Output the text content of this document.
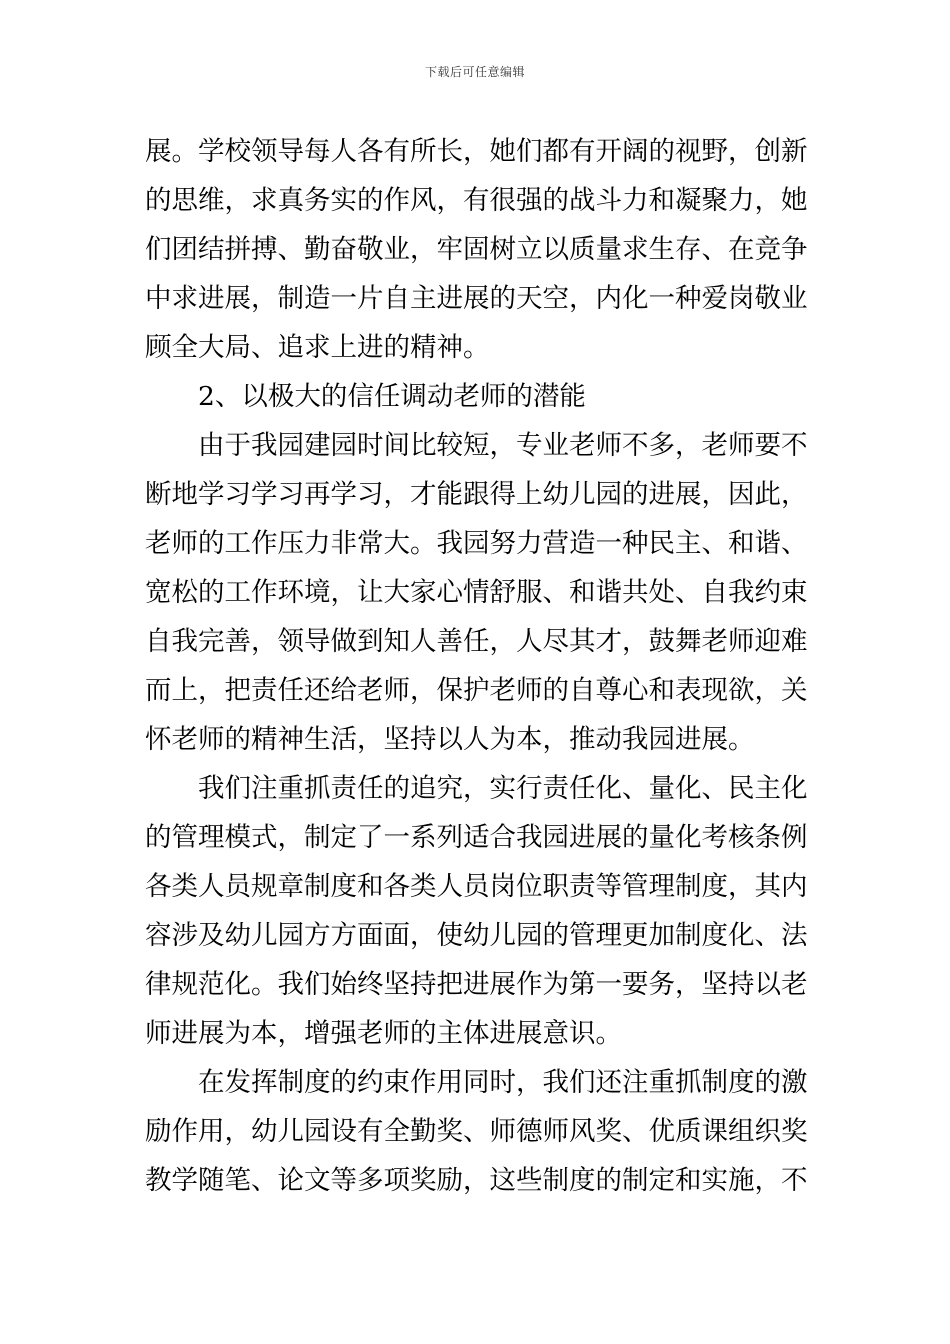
下载后可任意编辑
展。学校领导每人各有所长，她们都有开阔的视野，创新
的思维，求真务实的作风，有很强的战斗力和凝聚力，她
们团结拼搏、勤奋敬业，牢固树立以质量求生存、在竞争
中求进展，制造一片自主进展的天空，内化一种爱岗敬业
顾全大局、追求上进的精神。
2、以极大的信任调动老师的潜能
由于我园建园时间比较短，专业老师不多，老师要不
断地学习学习再学习，才能跟得上幼儿园的进展，因此，
老师的工作压力非常大。我园努力营造一种民主、和谐、
宽松的工作环境，让大家心情舒服、和谐共处、自我约束
自我完善，领导做到知人善任，人尽其才，鼓舞老师迎难
而上，把责任还给老师，保护老师的自尊心和表现欲，关
怀老师的精神生活，坚持以人为本，推动我园进展。
我们注重抓责任的追究，实行责任化、量化、民主化
的管理模式，制定了一系列适合我园进展的量化考核条例
各类人员规章制度和各类人员岗位职责等管理制度，其内
容涉及幼儿园方方面面，使幼儿园的管理更加制度化、法
律规范化。我们始终坚持把进展作为第一要务，坚持以老
师进展为本，增强老师的主体进展意识。
在发挥制度的约束作用同时，我们还注重抓制度的激
励作用，幼儿园设有全勤奖、师德师风奖、优质课组织奖
教学随笔、论文等多项奖励，这些制度的制定和实施，不
